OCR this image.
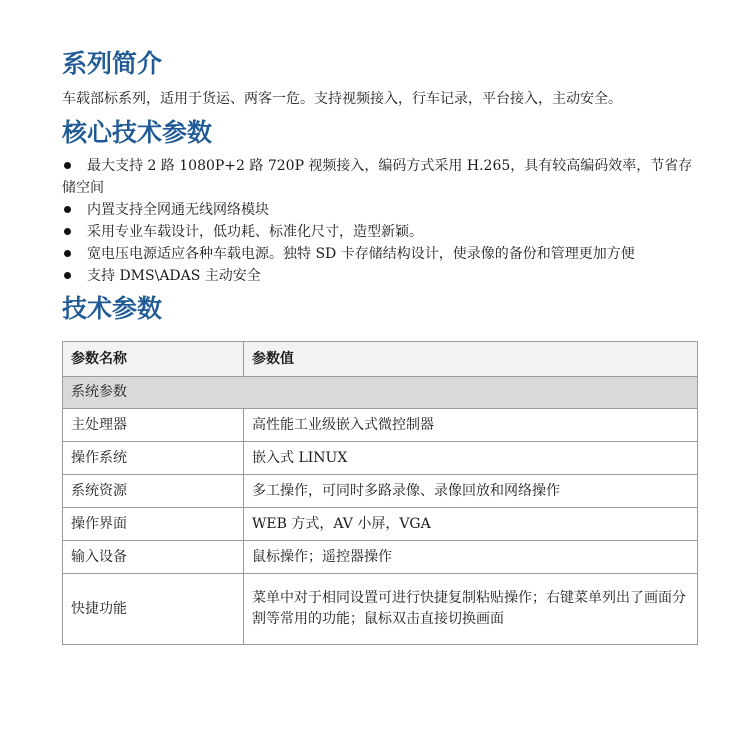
系列简介

车载部标系列，适用于货运、两客一危。支持视频接入，行车记录，平台接入，主动安全。

核心技术参数
最大支持 2 路 1080P+2 路 720P 视频接入，编码方式采用 H.265，具有较高编码效率，节省存储空间
内置支持全网通无线网络模块
采用专业车载设计，低功耗、标准化尺寸，造型新颖。
宽电压电源适应各种车载电源。独特 SD 卡存储结构设计，使录像的备份和管理更加方便
支持 DMS\ADAS 主动安全
技术参数
参数名称	参数值
系统参数	
主处理器	高性能工业级嵌入式微控制器
操作系统	嵌入式 LINUX
系统资源	多工操作，可同时多路录像、录像回放和网络操作
操作界面	WEB 方式，AV 小屏，VGA
输入设备	鼠标操作；遥控器操作
快捷功能	菜单中对于相同设置可进行快捷复制粘贴操作；右键菜单列出了画面分割等常用的功能；鼠标双击直接切换画面
